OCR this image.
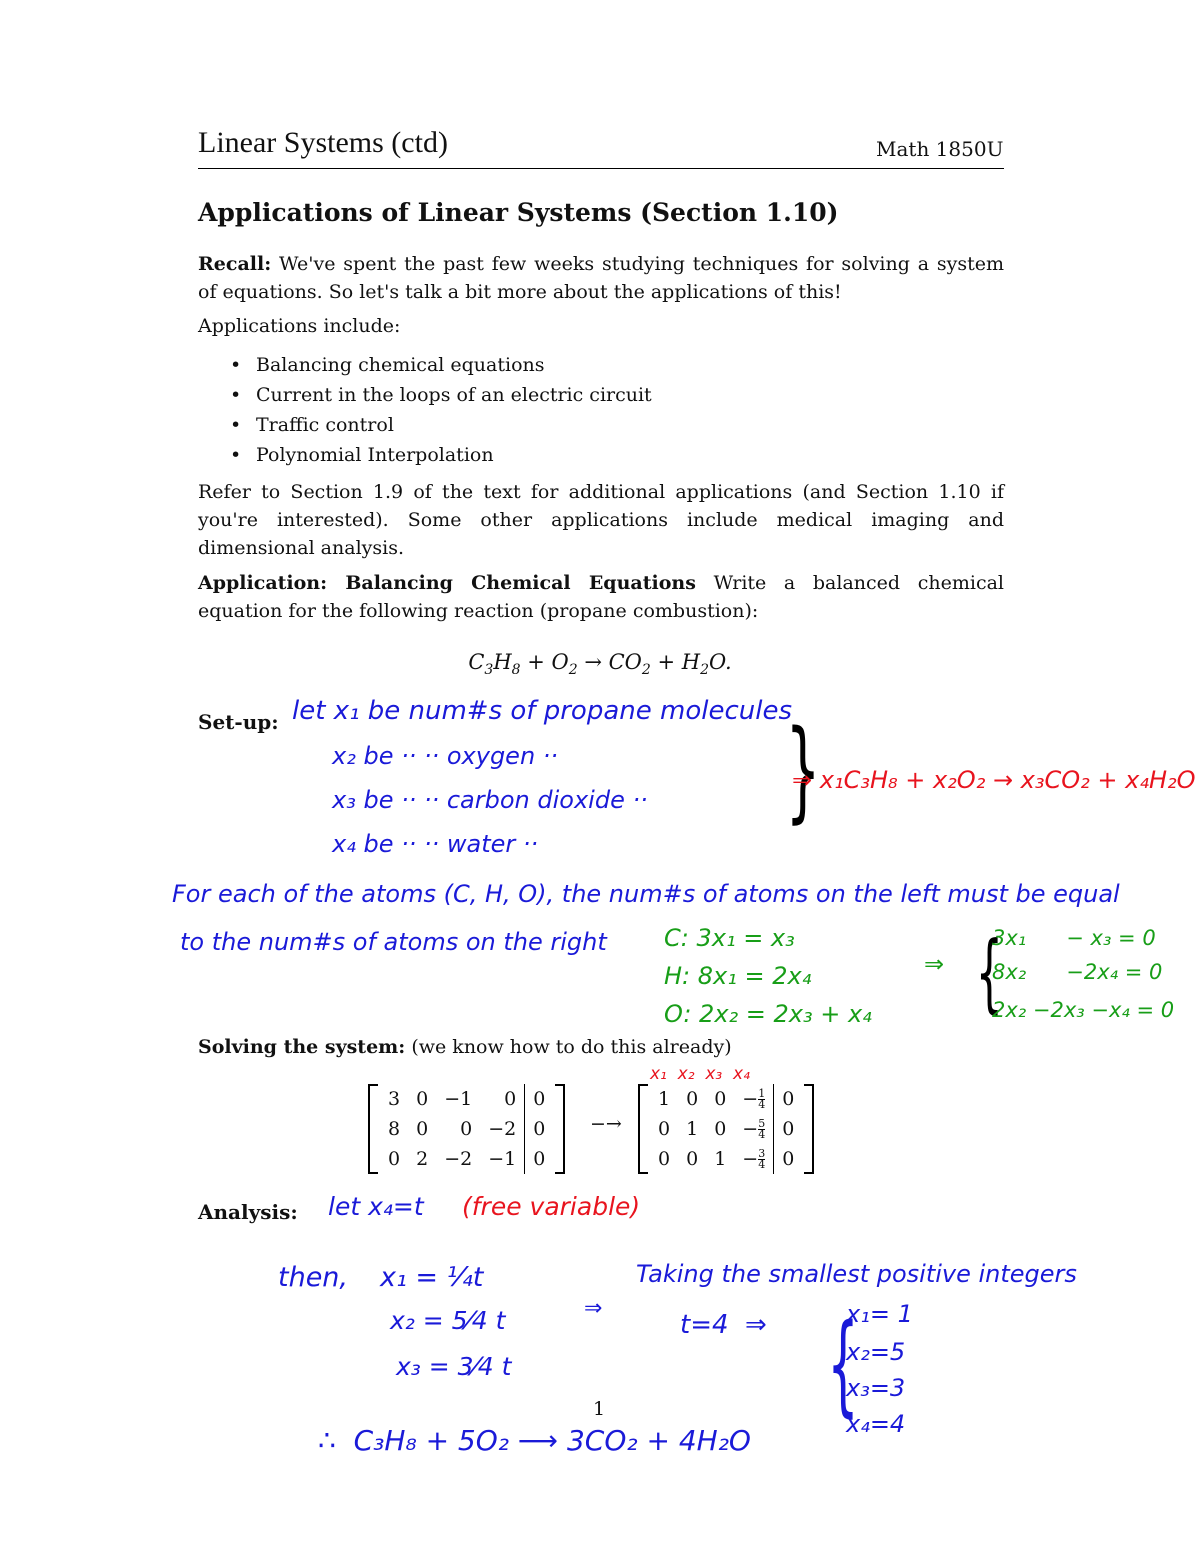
Linear Systems (ctd)	Math 1850U
Applications of Linear Systems (Section 1.10)
Recall: We've spent the past few weeks studying techniques for solving a system of equations. So let's talk a bit more about the applications of this!
Applications include:
• Balancing chemical equations
• Current in the loops of an electric circuit
• Traffic control
• Polynomial Interpolation
Refer to Section 1.9 of the text for additional applications (and Section 1.10 if you're interested). Some other applications include medical imaging and dimensional analysis.
Application: Balancing Chemical Equations Write a balanced chemical equation for the following reaction (propane combustion):
$C_3H_8 + O_2 \to CO_2 + H_2O$.
Set-up: let x₁ be num#s of propane molecules
x₂ be ·· ·· oxygen ··
x₃ be ·· ·· carbon dioxide ··
x₄ be ·· ·· water ··
}
⇒ x₁C₃H₈ + x₂O₂ → x₃CO₂ + x₄H₂O
For each of the atoms (C, H, O), the num#s of atoms on the left must be equal
to the num#s of atoms on the right C: 3x₁ = x₃
H: 8x₁ = 2x₄
O: 2x₂ = 2x₃ + x₄
⇒ {
3x₁      − x₃ = 0
8x₂      −2x₄ = 0
2x₂ −2x₃ −x₄ = 0
Solving the system: (we know how to do this already)
3	0	−1	0	0
8	0	0	−2	0
0	2	−2	−1	0
−→
x₁  x₂  x₃  x₄
1	0	0	− $\frac{1}{4}$	0
0	1	0	− $\frac{5}{4}$	0
0	0	1	− $\frac{3}{4}$	0
Analysis: let x₄=t (free variable)
then, x₁ = ¼t
x₂ = 5⁄4 t
x₃ = 3⁄4 t
⇒
Taking the smallest positive integers
t=4  ⇒ {
x₁= 1
x₂=5
x₃=3
x₄=4
1
∴  C₃H₈ + 5O₂ ⟶ 3CO₂ + 4H₂O
